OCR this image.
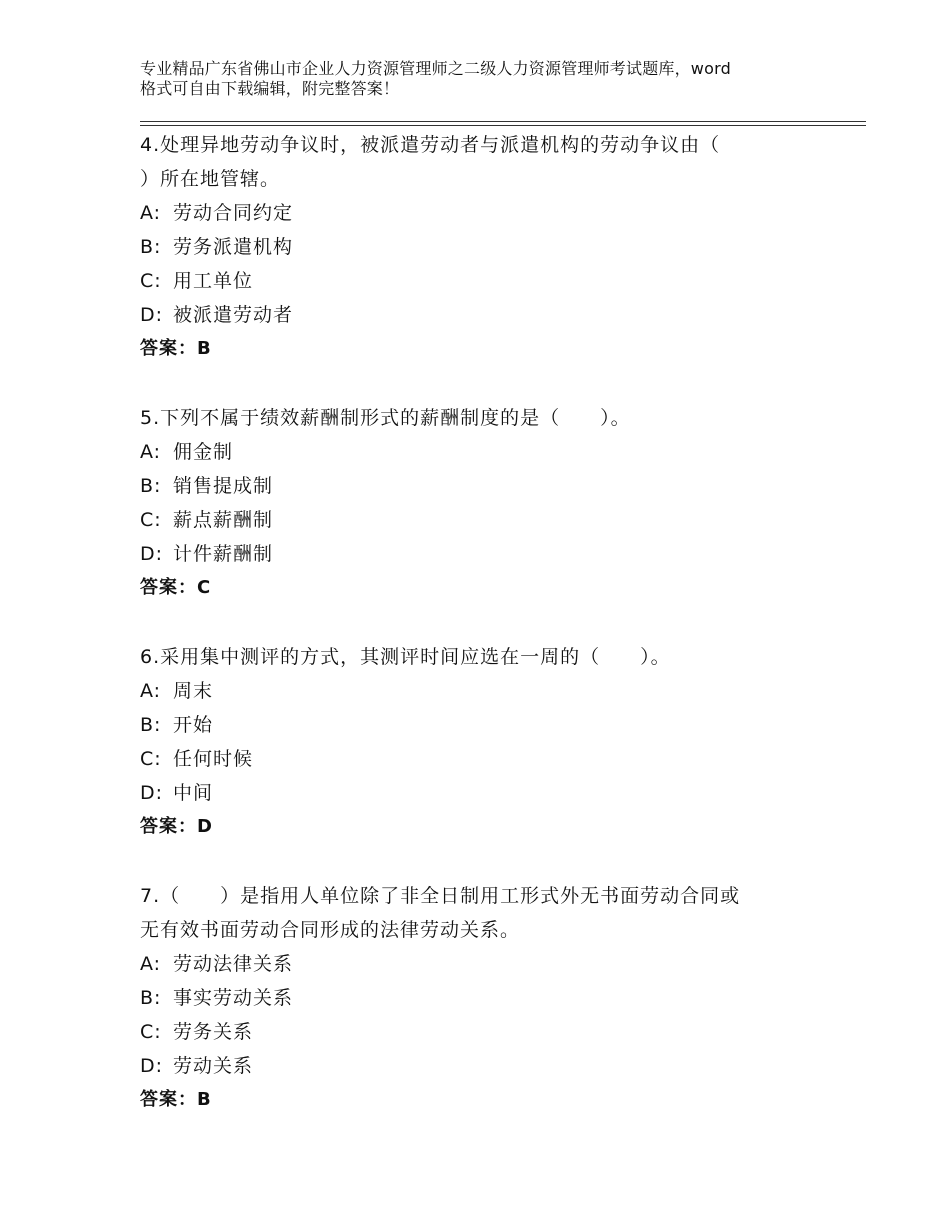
专业精品广东省佛山市企业人力资源管理师之二级人力资源管理师考试题库，word
格式可自由下载编辑，附完整答案！

4.处理异地劳动争议时，被派遣劳动者与派遣机构的劳动争议由（

）所在地管辖。

A: 劳动合同约定

B: 劳务派遣机构

C: 用工单位

D: 被派遣劳动者

答案：B

5.下列不属于绩效薪酬制形式的薪酬制度的是（　　）。

A: 佣金制

B: 销售提成制

C: 薪点薪酬制

D: 计件薪酬制

答案：C

6.采用集中测评的方式，其测评时间应选在一周的（　　）。

A: 周末

B: 开始

C: 任何时候

D: 中间

答案：D

7.（　　）是指用人单位除了非全日制用工形式外无书面劳动合同或

无有效书面劳动合同形成的法律劳动关系。

A: 劳动法律关系

B: 事实劳动关系

C: 劳务关系

D: 劳动关系

答案：B
